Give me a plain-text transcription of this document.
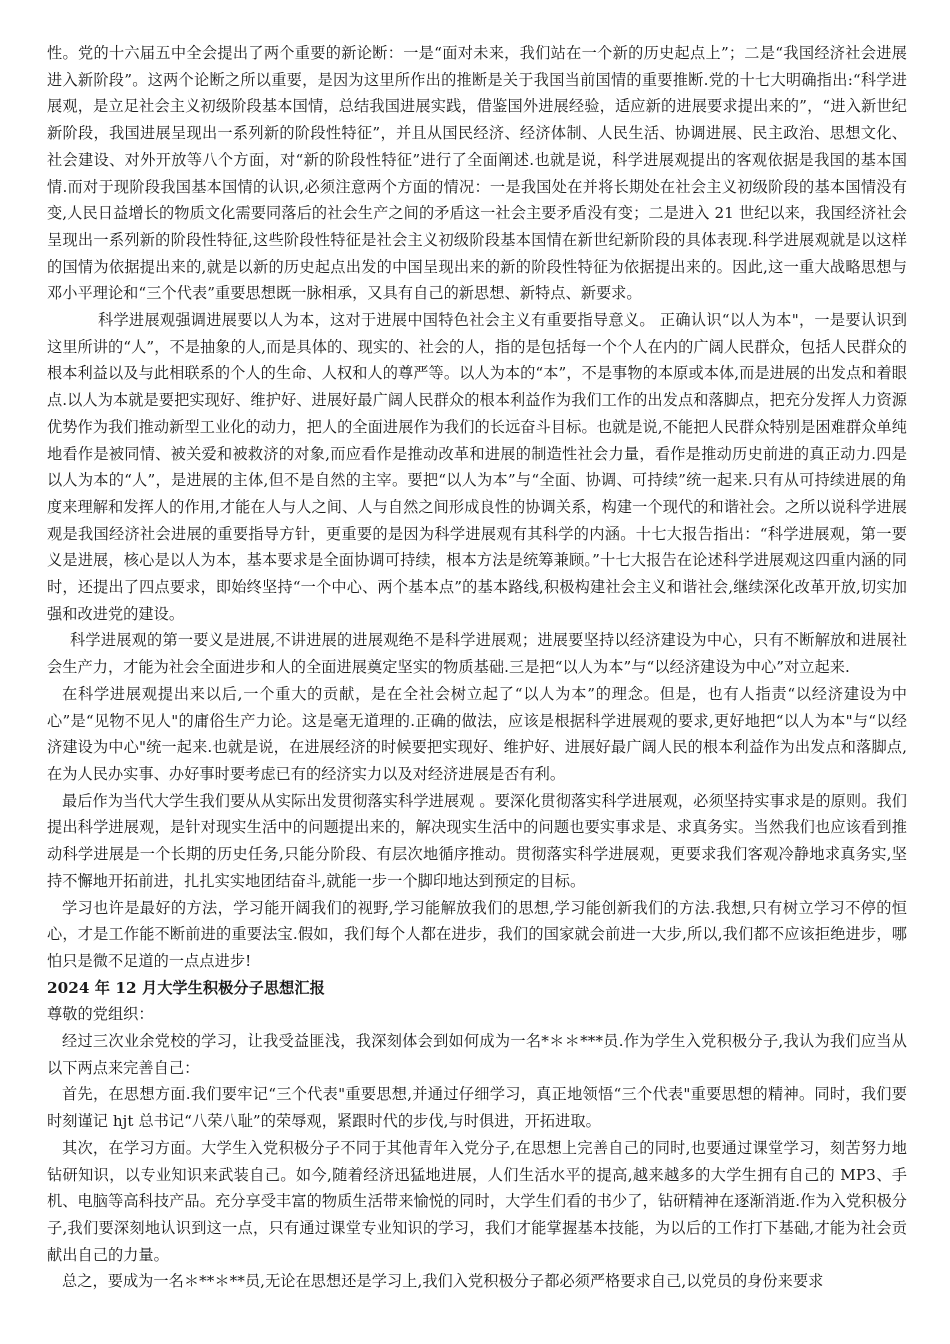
性。党的十六届五中全会提出了两个重要的新论断：一是“面对未来，我们站在一个新的历史起点上”；二是“我国经济社会进展进入新阶段”。这两个论断之所以重要，是因为这里所作出的推断是关于我国当前国情的重要推断.党的十七大明确指出:“科学进展观，是立足社会主义初级阶段基本国情，总结我国进展实践，借鉴国外进展经验，适应新的进展要求提出来的”，“进入新世纪新阶段，我国进展呈现出一系列新的阶段性特征”，并且从国民经济、经济体制、人民生活、协调进展、民主政治、思想文化、社会建设、对外开放等八个方面，对“新的阶段性特征”进行了全面阐述.也就是说，科学进展观提出的客观依据是我国的基本国情.而对于现阶段我国基本国情的认识,必须注意两个方面的情况：一是我国处在并将长期处在社会主义初级阶段的基本国情没有变,人民日益增长的物质文化需要同落后的社会生产之间的矛盾这一社会主要矛盾没有变；二是进入 21 世纪以来，我国经济社会呈现出一系列新的阶段性特征,这些阶段性特征是社会主义初级阶段基本国情在新世纪新阶段的具体表现.科学进展观就是以这样的国情为依据提出来的,就是以新的历史起点出发的中国呈现出来的新的阶段性特征为依据提出来的。因此,这一重大战略思想与邓小平理论和“三个代表”重要思想既一脉相承，又具有自己的新思想、新特点、新要求。

科学进展观强调进展要以人为本，这对于进展中国特色社会主义有重要指导意义。 正确认识“以人为本"，一是要认识到这里所讲的“人”，不是抽象的人,而是具体的、现实的、社会的人，指的是包括每一个个人在内的广阔人民群众，包括人民群众的根本利益以及与此相联系的个人的生命、人权和人的尊严等。以人为本的“本”，不是事物的本原或本体,而是进展的出发点和着眼点.以人为本就是要把实现好、维护好、进展好最广阔人民群众的根本利益作为我们工作的出发点和落脚点，把充分发挥人力资源优势作为我们推动新型工业化的动力，把人的全面进展作为我们的长远奋斗目标。也就是说,不能把人民群众特别是困难群众单纯地看作是被同情、被关爱和被救济的对象,而应看作是推动改革和进展的制造性社会力量，看作是推动历史前进的真正动力.四是以人为本的“人”，是进展的主体,但不是自然的主宰。要把“以人为本”与“全面、协调、可持续”统一起来.只有从可持续进展的角度来理解和发挥人的作用,才能在人与人之间、人与自然之间形成良性的协调关系，构建一个现代的和谐社会。之所以说科学进展观是我国经济社会进展的重要指导方针，更重要的是因为科学进展观有其科学的内涵。十七大报告指出：“科学进展观，第一要义是进展，核心是以人为本，基本要求是全面协调可持续，根本方法是统筹兼顾。”十七大报告在论述科学进展观这四重内涵的同时，还提出了四点要求，即始终坚持“一个中心、两个基本点”的基本路线,积极构建社会主义和谐社会,继续深化改革开放,切实加强和改进党的建设。

科学进展观的第一要义是进展,不讲进展的进展观绝不是科学进展观；进展要坚持以经济建设为中心，只有不断解放和进展社会生产力，才能为社会全面进步和人的全面进展奠定坚实的物质基础.三是把“以人为本”与“以经济建设为中心”对立起来.

在科学进展观提出来以后,一个重大的贡献，是在全社会树立起了“以人为本”的理念。但是，也有人指责“以经济建设为中心”是“见物不见人"的庸俗生产力论。这是毫无道理的.正确的做法，应该是根据科学进展观的要求,更好地把“以人为本"与“以经济建设为中心"统一起来.也就是说，在进展经济的时候要把实现好、维护好、进展好最广阔人民的根本利益作为出发点和落脚点,在为人民办实事、办好事时要考虑已有的经济实力以及对经济进展是否有利。

最后作为当代大学生我们要从从实际出发贯彻落实科学进展观 。要深化贯彻落实科学进展观，必须坚持实事求是的原则。我们提出科学进展观，是针对现实生活中的问题提出来的，解决现实生活中的问题也要实事求是、求真务实。当然我们也应该看到推动科学进展是一个长期的历史任务,只能分阶段、有层次地循序推动。贯彻落实科学进展观，更要求我们客观冷静地求真务实,坚持不懈地开拓前进，扎扎实实地团结奋斗,就能一步一个脚印地达到预定的目标。

学习也许是最好的方法，学习能开阔我们的视野,学习能解放我们的思想,学习能创新我们的方法.我想,只有树立学习不停的恒心，才是工作能不断前进的重要法宝.假如，我们每个人都在进步，我们的国家就会前进一大步,所以,我们都不应该拒绝进步，哪怕只是微不足道的一点点进步!

2024 年 12 月大学生积极分子思想汇报

尊敬的党组织：

经过三次业余党校的学习，让我受益匪浅，我深刻体会到如何成为一名*＊＊***员.作为学生入党积极分子,我认为我们应当从以下两点来完善自己：

首先，在思想方面.我们要牢记“三个代表"重要思想,并通过仔细学习，真正地领悟“三个代表"重要思想的精神。同时，我们要时刻谨记 hjt 总书记“八荣八耻”的荣辱观，紧跟时代的步伐,与时俱进，开拓进取。

其次，在学习方面。大学生入党积极分子不同于其他青年入党分子,在思想上完善自己的同时,也要通过课堂学习，刻苦努力地钻研知识，以专业知识来武装自己。如今,随着经济迅猛地进展，人们生活水平的提高,越来越多的大学生拥有自己的 MP3、手机、电脑等高科技产品。充分享受丰富的物质生活带来愉悦的同时，大学生们看的书少了，钻研精神在逐渐消逝.作为入党积极分子,我们要深刻地认识到这一点，只有通过课堂专业知识的学习，我们才能掌握基本技能，为以后的工作打下基础,才能为社会贡献出自己的力量。

总之，要成为一名＊**＊**员,无论在思想还是学习上,我们入党积极分子都必须严格要求自己,以党员的身份来要求
